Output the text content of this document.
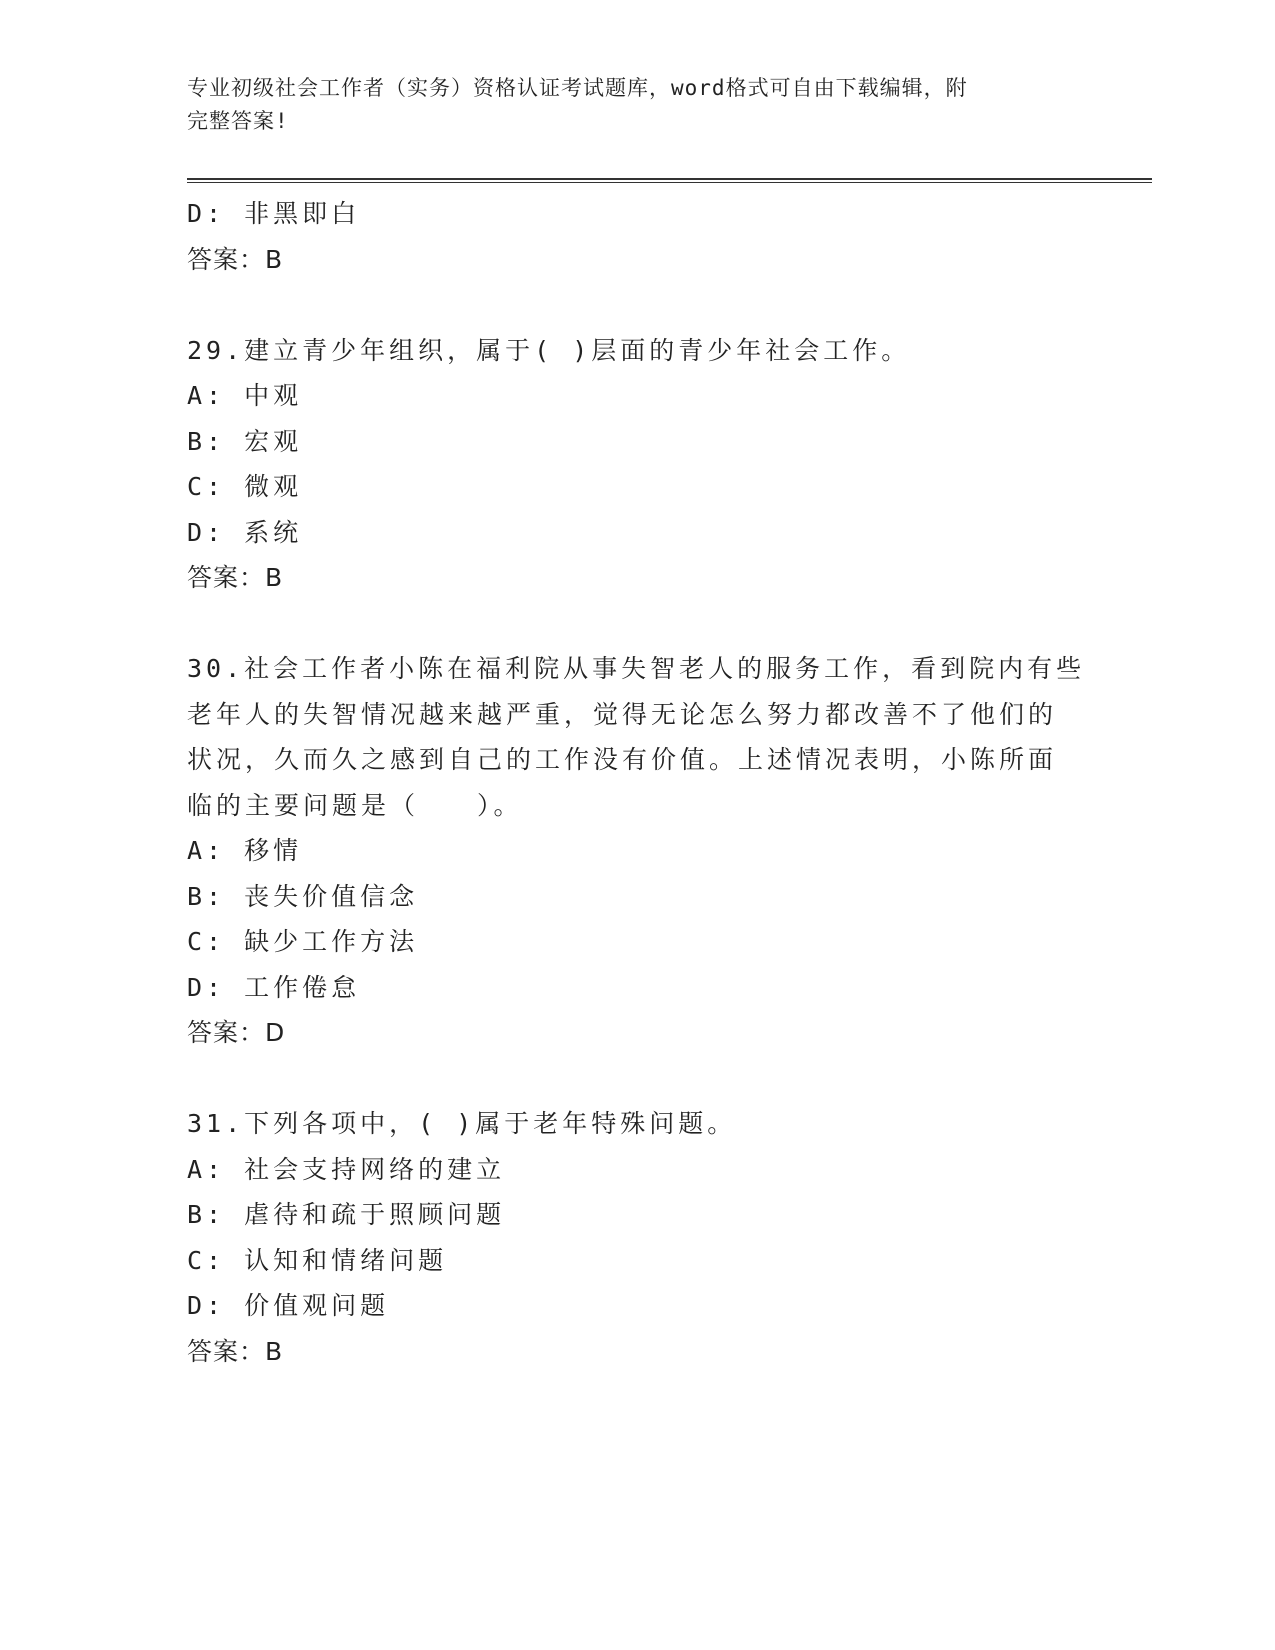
专业初级社会工作者（实务）资格认证考试题库，word格式可自由下载编辑，附
完整答案!
D: 非黑即白
答案：B
29.建立青少年组织，属于( )层面的青少年社会工作。
A: 中观
B: 宏观
C: 微观
D: 系统
答案：B
30.社会工作者小陈在福利院从事失智老人的服务工作，看到院内有些
老年人的失智情况越来越严重，觉得无论怎么努力都改善不了他们的
状况，久而久之感到自己的工作没有价值。上述情况表明，小陈所面
临的主要问题是（　　）。
A: 移情
B: 丧失价值信念
C: 缺少工作方法
D: 工作倦怠
答案：D
31.下列各项中，( )属于老年特殊问题。
A: 社会支持网络的建立
B: 虐待和疏于照顾问题
C: 认知和情绪问题
D: 价值观问题
答案：B
